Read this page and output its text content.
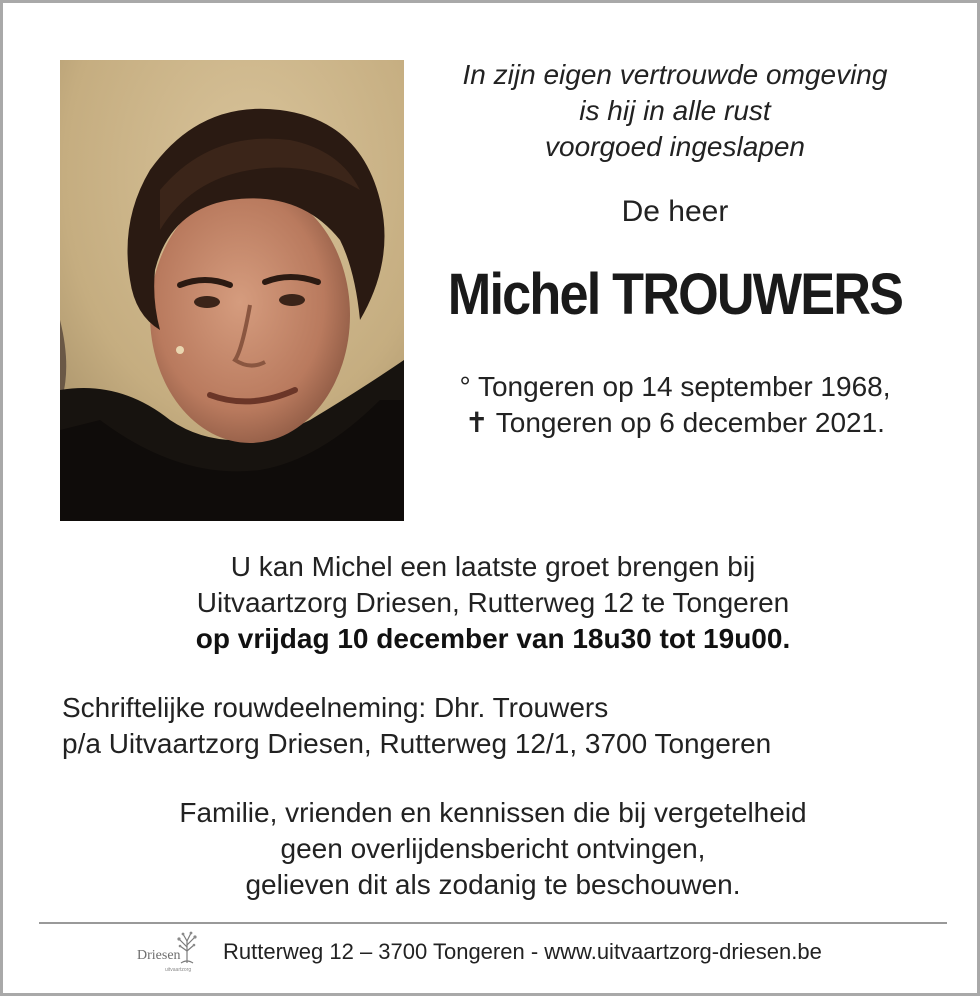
In zijn eigen vertrouwde omgeving
is hij in alle rust
voorgoed ingeslapen
De heer
Michel TROUWERS
° Tongeren op 14 september 1968,
✝ Tongeren op 6 december 2021.
U kan Michel een laatste groet brengen bij
Uitvaartzorg Driesen, Rutterweg 12 te Tongeren
op vrijdag 10 december van 18u30 tot 19u00.
Schriftelijke rouwdeelneming: Dhr. Trouwers
p/a Uitvaartzorg Driesen, Rutterweg 12/1, 3700 Tongeren
Familie, vrienden en kennissen die bij vergetelheid
geen overlijdensbericht ontvingen,
gelieven dit als zodanig te beschouwen.
Driesen
uitvaartzorg
Rutterweg 12 – 3700 Tongeren - www.uitvaartzorg-driesen.be
